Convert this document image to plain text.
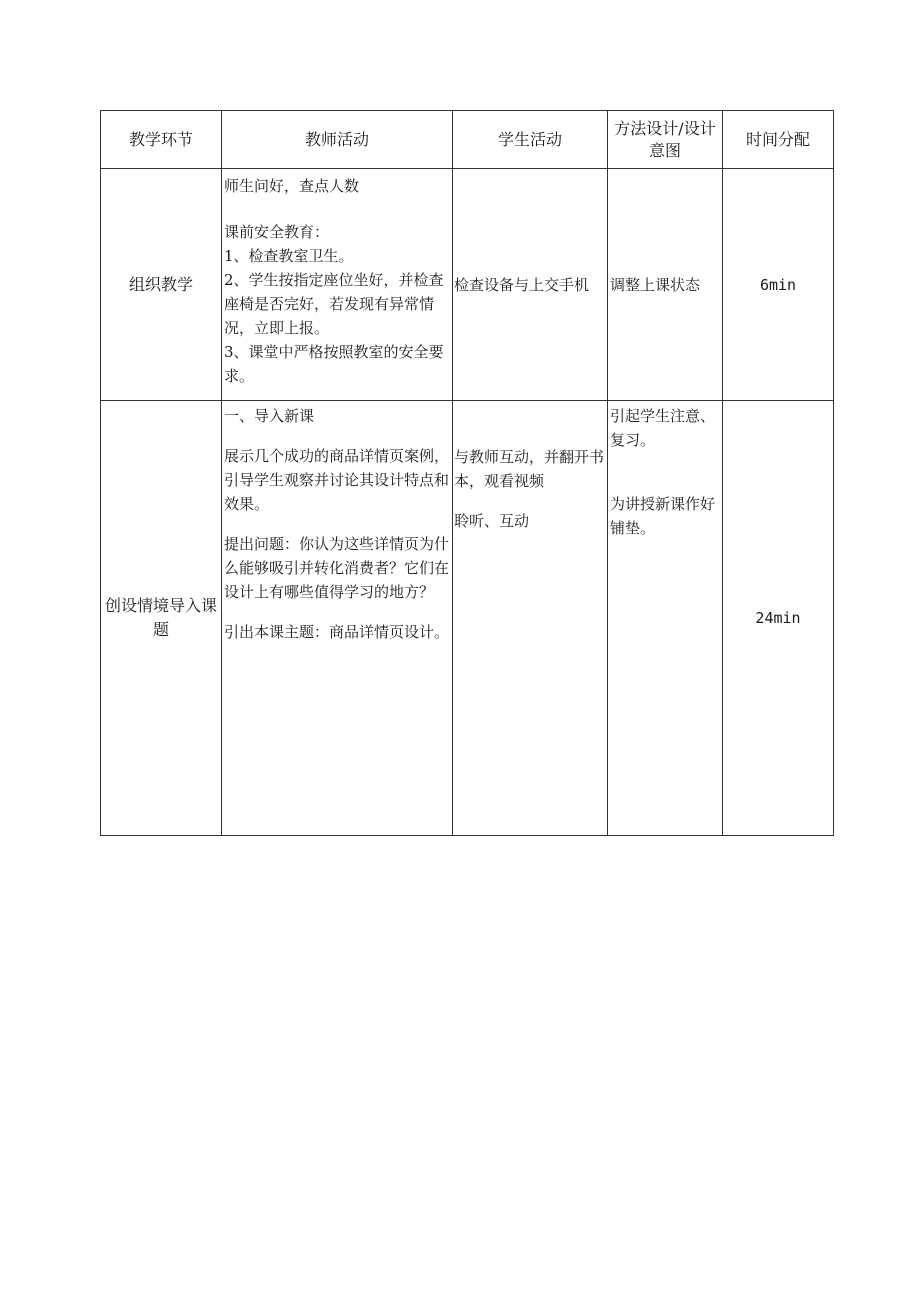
教学环节	教师活动	学生活动	方法设计/设计意图	时间分配

组织教学	师生问好，查点人数
课前安全教育：
1、检查教室卫生。
2、学生按指定座位坐好，并检查座椅是否完好，若发现有异常情况，立即上报。
3、课堂中严格按照教室的安全要求。	检查设备与上交手机	调整上课状态	6min

创设情境导入课题	一、导入新课
展示几个成功的商品详情页案例，引导学生观察并讨论其设计特点和效果。
提出问题：你认为这些详情页为什么能够吸引并转化消费者？它们在设计上有哪些值得学习的地方？
引出本课主题：商品详情页设计。	与教师互动，并翻开书本，观看视频
聆听、互动	引起学生注意、复习。
为讲授新课作好铺垫。	24min
